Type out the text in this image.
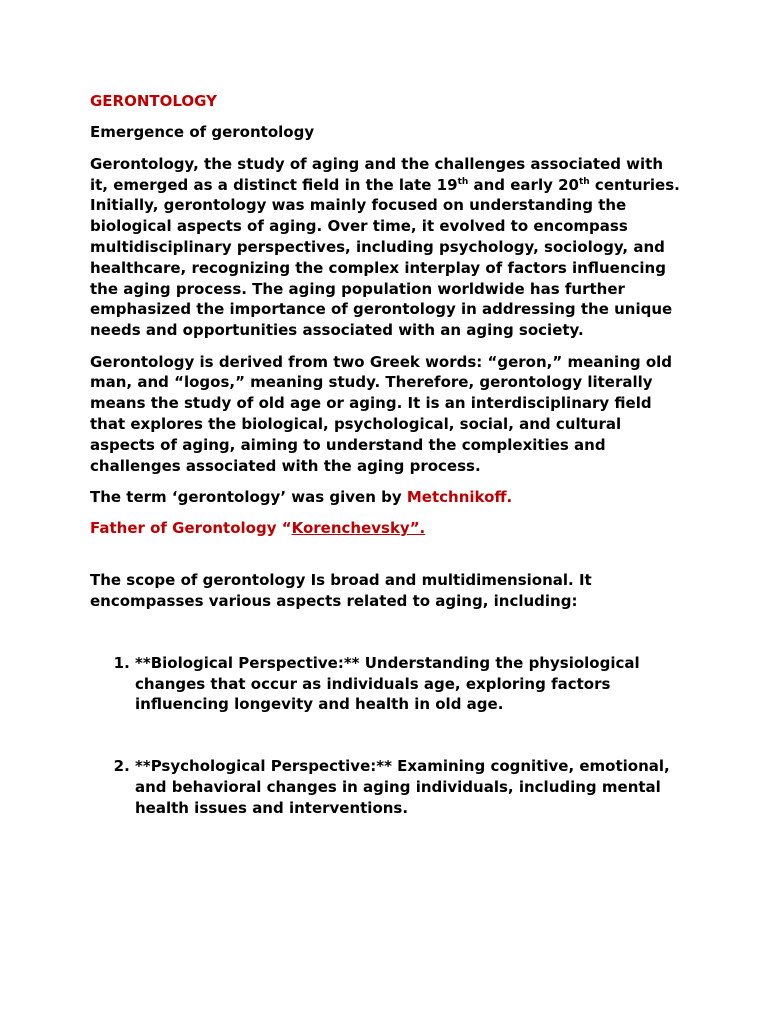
GERONTOLOGY

Emergence of gerontology

Gerontology, the study of aging and the challenges associated with it, emerged as a distinct field in the late 19th and early 20th centuries. Initially, gerontology was mainly focused on understanding the biological aspects of aging. Over time, it evolved to encompass multidisciplinary perspectives, including psychology, sociology, and healthcare, recognizing the complex interplay of factors influencing the aging process. The aging population worldwide has further emphasized the importance of gerontology in addressing the unique needs and opportunities associated with an aging society.

Gerontology is derived from two Greek words: “geron,” meaning old man, and “logos,” meaning study. Therefore, gerontology literally means the study of old age or aging. It is an interdisciplinary field that explores the biological, psychological, social, and cultural aspects of aging, aiming to understand the complexities and challenges associated with the aging process.

The term ‘gerontology’ was given by Metchnikoff.

Father of Gerontology “Korenchevsky”.

The scope of gerontology Is broad and multidimensional. It encompasses various aspects related to aging, including:

1. **Biological Perspective:** Understanding the physiological changes that occur as individuals age, exploring factors influencing longevity and health in old age.
2. **Psychological Perspective:** Examining cognitive, emotional, and behavioral changes in aging individuals, including mental health issues and interventions.
